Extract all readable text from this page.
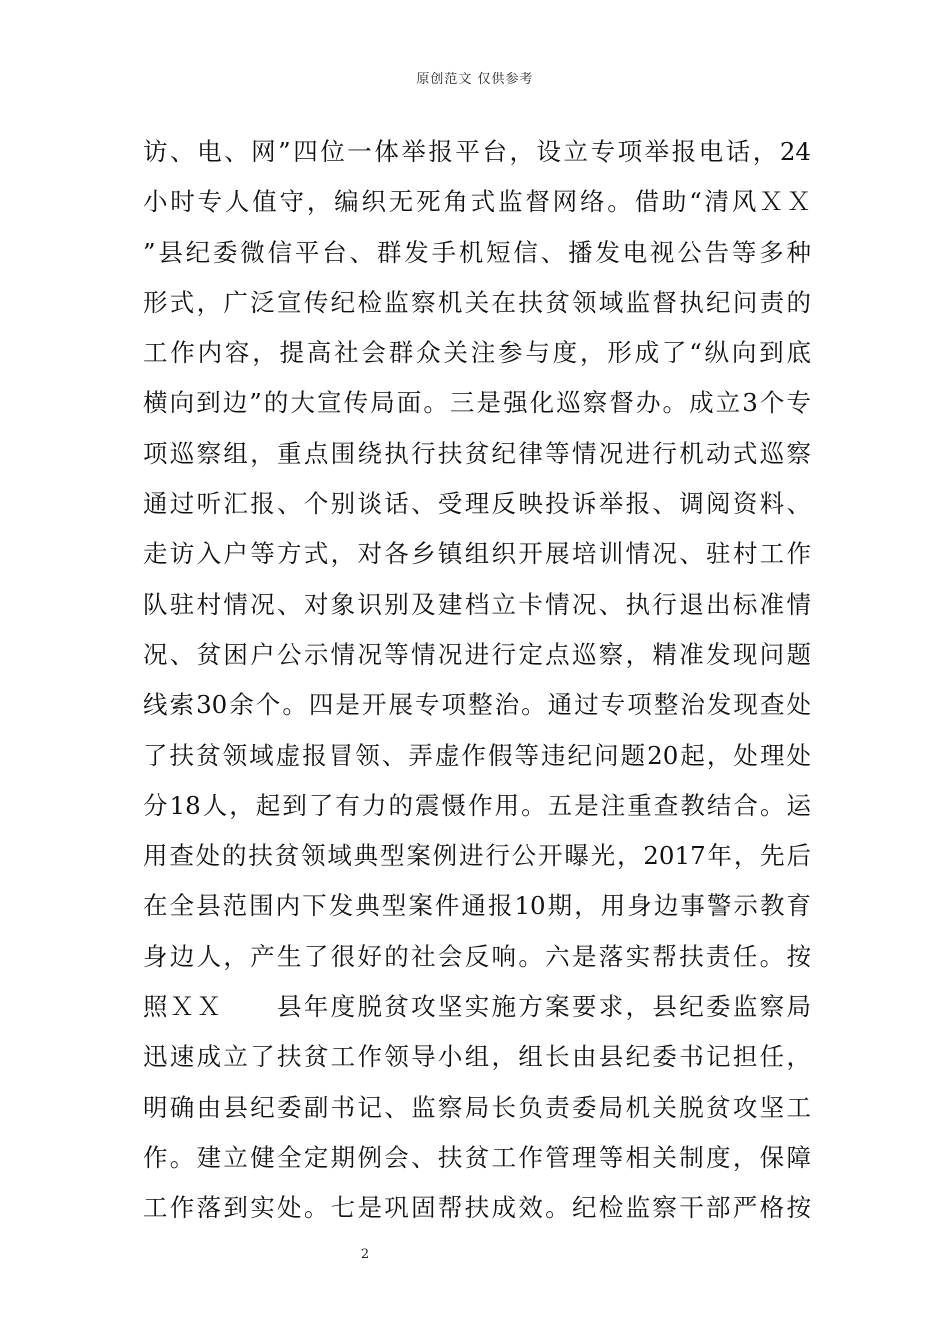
原创范文 仅供参考
访、电、网”四位一体举报平台，设立专项举报电话，24
小时专人值守，编织无死角式监督网络。借助“清风ＸＸ
”县纪委微信平台、群发手机短信、播发电视公告等多种
形式，广泛宣传纪检监察机关在扶贫领域监督执纪问责的
工作内容，提高社会群众关注参与度，形成了“纵向到底
横向到边”的大宣传局面。三是强化巡察督办。成立3个专
项巡察组，重点围绕执行扶贫纪律等情况进行机动式巡察
通过听汇报、个别谈话、受理反映投诉举报、调阅资料、
走访入户等方式，对各乡镇组织开展培训情况、驻村工作
队驻村情况、对象识别及建档立卡情况、执行退出标准情
况、贫困户公示情况等情况进行定点巡察，精准发现问题
线索30余个。四是开展专项整治。通过专项整治发现查处
了扶贫领域虚报冒领、弄虚作假等违纪问题20起，处理处
分18人，起到了有力的震慑作用。五是注重查教结合。运
用查处的扶贫领域典型案例进行公开曝光，2017年，先后
在全县范围内下发典型案件通报10期，用身边事警示教育
身边人，产生了很好的社会反响。六是落实帮扶责任。按
照ＸＸ　　县年度脱贫攻坚实施方案要求，县纪委监察局
迅速成立了扶贫工作领导小组，组长由县纪委书记担任，
明确由县纪委副书记、监察局长负责委局机关脱贫攻坚工
作。建立健全定期例会、扶贫工作管理等相关制度，保障
工作落到实处。七是巩固帮扶成效。纪检监察干部严格按
2
